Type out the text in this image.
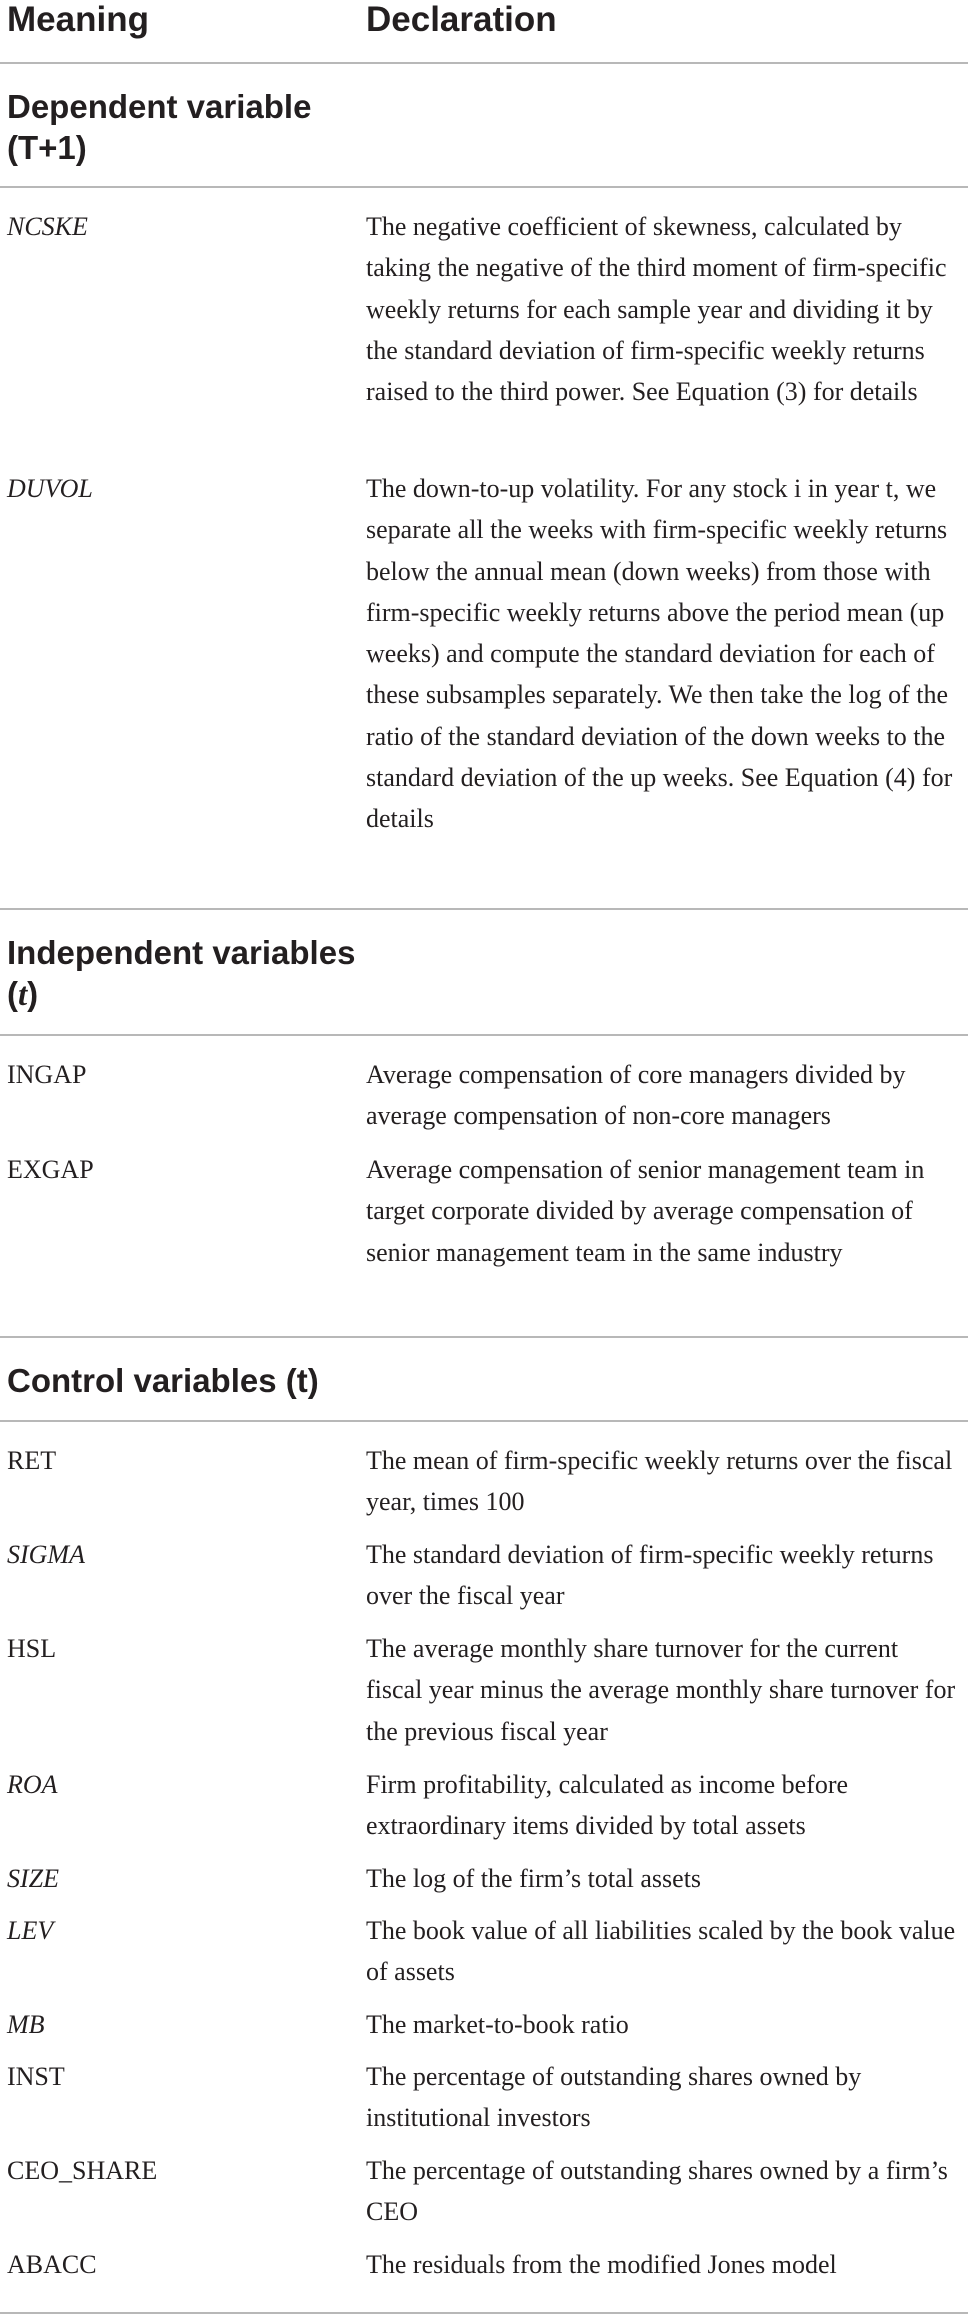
Meaning	Declaration
Dependent variable (T+1)
NCSKE	The negative coefficient of skewness, calculated by taking the negative of the third moment of firm-specific weekly returns for each sample year and dividing it by the standard deviation of firm-specific weekly returns raised to the third power. See Equation (3) for details
DUVOL	The down-to-up volatility. For any stock i in year t, we separate all the weeks with firm-specific weekly returns below the annual mean (down weeks) from those with firm-specific weekly returns above the period mean (up weeks) and compute the standard deviation for each of these subsamples separately. We then take the log of the ratio of the standard deviation of the down weeks to the standard deviation of the up weeks. See Equation (4) for details
Independent variables (t)
INGAP	Average compensation of core managers divided by average compensation of non-core managers
EXGAP	Average compensation of senior management team in target corporate divided by average compensation of senior management team in the same industry
Control variables (t)
RET	The mean of firm-specific weekly returns over the fiscal year, times 100
SIGMA	The standard deviation of firm-specific weekly returns over the fiscal year
HSL	The average monthly share turnover for the current fiscal year minus the average monthly share turnover for the previous fiscal year
ROA	Firm profitability, calculated as income before extraordinary items divided by total assets
SIZE	The log of the firm’s total assets
LEV	The book value of all liabilities scaled by the book value of assets
MB	The market-to-book ratio
INST	The percentage of outstanding shares owned by institutional investors
CEO_SHARE	The percentage of outstanding shares owned by a firm’s CEO
ABACC	The residuals from the modified Jones model
